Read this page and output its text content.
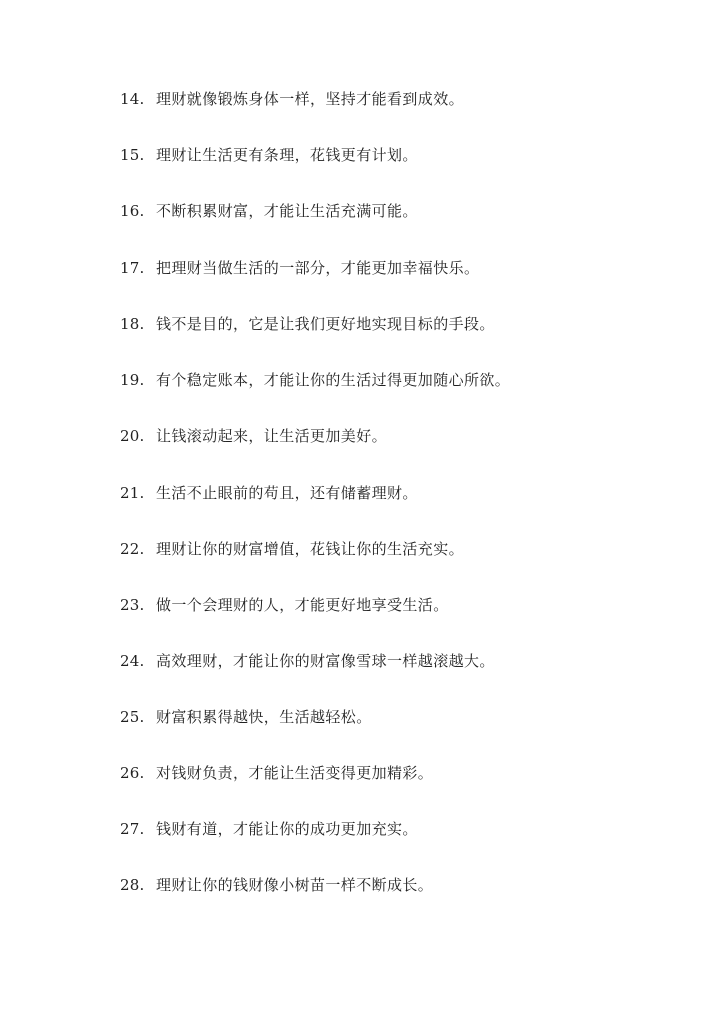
14. 理财就像锻炼身体一样，坚持才能看到成效。
15. 理财让生活更有条理，花钱更有计划。
16. 不断积累财富，才能让生活充满可能。
17. 把理财当做生活的一部分，才能更加幸福快乐。
18. 钱不是目的，它是让我们更好地实现目标的手段。
19. 有个稳定账本，才能让你的生活过得更加随心所欲。
20. 让钱滚动起来，让生活更加美好。
21. 生活不止眼前的苟且，还有储蓄理财。
22. 理财让你的财富增值，花钱让你的生活充实。
23. 做一个会理财的人，才能更好地享受生活。
24. 高效理财，才能让你的财富像雪球一样越滚越大。
25. 财富积累得越快，生活越轻松。
26. 对钱财负责，才能让生活变得更加精彩。
27. 钱财有道，才能让你的成功更加充实。
28. 理财让你的钱财像小树苗一样不断成长。
